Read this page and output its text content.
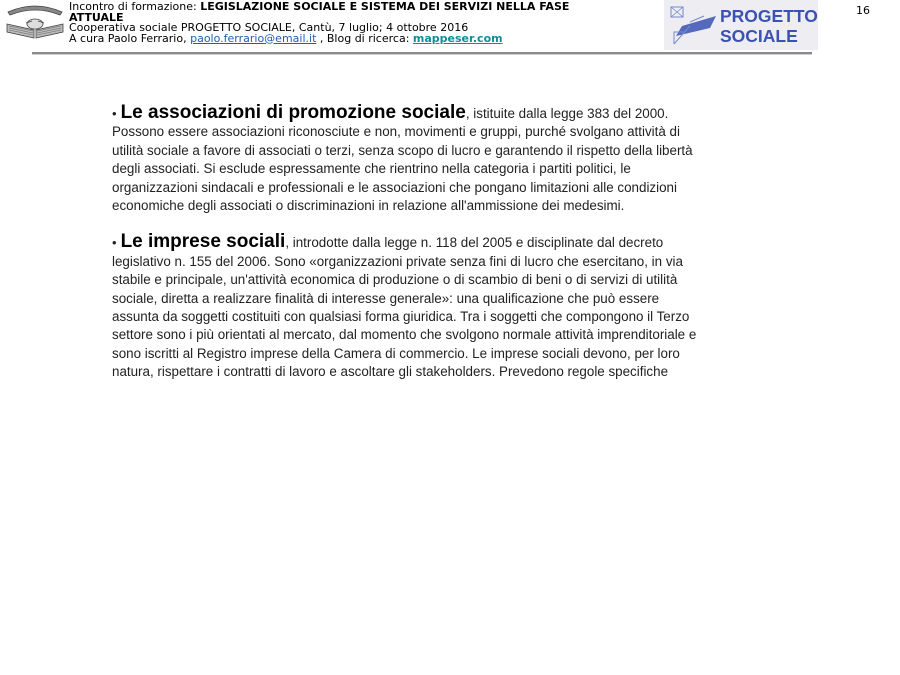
Incontro di formazione: LEGISLAZIONE SOCIALE E SISTEMA DEI SERVIZI NELLA FASE
ATTUALE
Cooperativa sociale PROGETTO SOCIALE, Cantù, 7 luglio; 4 ottobre 2016
A cura Paolo Ferrario, paolo.ferrario@email.it , Blog di ricerca: mappeser.com
PROGETTO
SOCIALE
16

• Le associazioni di promozione sociale, istituite dalla legge 383 del 2000. Possono essere associazioni riconosciute e non, movimenti e gruppi, purché svolgano attività di utilità sociale a favore di associati o terzi, senza scopo di lucro e garantendo il rispetto della libertà degli associati. Si esclude espressamente che rientrino nella categoria i partiti politici, le organizzazioni sindacali e professionali e le associazioni che pongano limitazioni alle condizioni economiche degli associati o discriminazioni in relazione all'ammissione dei medesimi.

• Le imprese sociali, introdotte dalla legge n. 118 del 2005 e disciplinate dal decreto legislativo n. 155 del 2006. Sono «organizzazioni private senza fini di lucro che esercitano, in via stabile e principale, un'attività economica di produzione o di scambio di beni o di servizi di utilità sociale, diretta a realizzare finalità di interesse generale»: una qualificazione che può essere assunta da soggetti costituiti con qualsiasi forma giuridica. Tra i soggetti che compongono il Terzo settore sono i più orientati al mercato, dal momento che svolgono normale attività imprenditoriale e sono iscritti al Registro imprese della Camera di commercio. Le imprese sociali devono, per loro natura, rispettare i contratti di lavoro e ascoltare gli stakeholders. Prevedono regole specifiche
